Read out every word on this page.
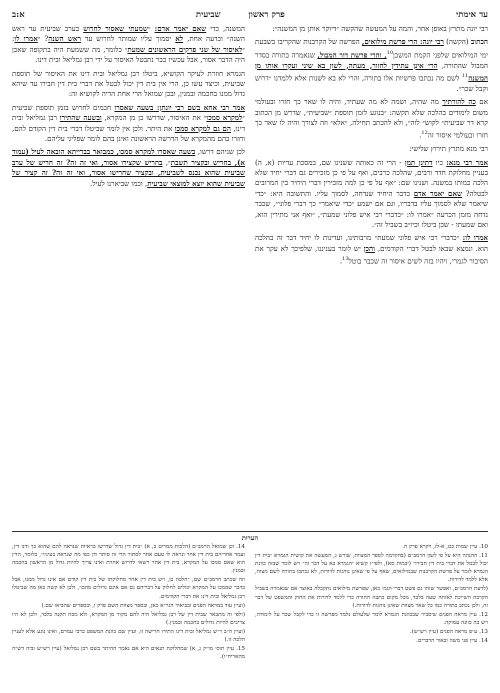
עד אימתי
פרק ראשון
שביעית
א:ב

רבי יונה מתרץ באופן אחר, והמה על המעשה שהקשה ״דיוקר אותן מן המשנה״:

הכתוב (הקשה) רבי יונה: הרי פרשת מילואים, הפרשה של הקרבנות שהקריבו בשבעת ימי המילואים שלפני הקמת המשכן$^{10}$, והרי פרשת דור המבול, שנאמרה בתורה בסדר המבול שהתורה, הרי אינן עתידין לחזור, מעתה, לשון בא שיני ועקרו אותו מן המשנה$^{11}$ לשם מה נכתבו פרשיות אלו בתורה, והרי לא בא לשנות אלא ללמדנו ״דרוש וקבל שכר״.

אם כה להורתיך מה שהיה, ושמה לא מה שעתיד, והיה לו שאר כך חזרו ובעולמי משום לימודים בהלכה שלא תקשה: ״בנוגע לזמן תוספת ״שביעית״, שדרש מן הכתוב קרא דר שביעית״ לקוש״ לוה״, ולא להכתב תחילה, ״אלא״ וזה לצורך והיה לו שאר כך חזרו ובעולמי איסור זה$^{12}$.

רבי מנא מתרץ תירוץ שלישי:

אמר רבי מנא: כיו דתינן תמן - הרי זה כאותה ששנינו שם, במסכת עדיות (א, ה) בעניין מחלוקת חדד ורבים, שהלכה כרבים, ואף על פי כן מזכירים גם דברי יחיד שלא הלכה כמותו במשנה. ושנינו שם: ״אף על פי כן למה מזכירין דברי היחיד בין המרובים לבטלה? שאם יאמר אדם כדבר היחיד שנדחה, לסמוך עליו. והתשובה היא: ״כדי שיאמר שלא לסמוך עליו בדבריו, וגם אם ישמע ״כדי שיאמר״ כך דברי פלוני״, שכבר נדחה מזמן הכרעה ״אמרו לו: ״כדברי רבי איש פלוני שמעת״, ״ואף אני מתירין הוא, ואם שמעתו - שכן ביטלו וכיו״ב בשביל זה״.

אמרו לו: ״כדברי רבי איש פלוני שמעת״ מרבותינו, ועדינות לו יחיד דבר זה בהלכה הוא. ונמצא שבאו לבטל דברי הקודמים, והכן יש לומר בעניננו, שלפיכך לא עקר את הסיבור לגמרי, ויהיו בזה לשים איסור זה שכבר בוטל$^{13}$.

המשנה, כדי שאם יאמר אדם: ״שמעתי שאסור לחרוש בערב שביעית עד ראש השנה״ וכדעה אחת, לא יסמוך עליו שמותר לחרוש עד ראש השנה? ״אמרו לו: ״לאיסור של שני פרקים הראשונים שמעת״ כלומר, מה ששמעת היה בתקופה שאכן היה הדבר אסור, אבל עכשיו כבר נתבטל האיסור על ידי רבן גמליאל ובית דינו.

הגמרא חוזרת לעיקר הקושיא, ביטלו רבן גמליאל ובית דינו את האיסור של תוספת שביעית, וכיצד עשו כן, הרי אין בית דין יכול לבטל את דברי בית דין חבירו עד שיהא גדול ממנו בחכמה ובמנין, ובכן שמואל הרי אחת הדיה לקושיא זה:

אמר רבי אחא בשם רבי יונתן: בשעה שאסרו חכמים לחרוש בזמן תוספת שביעית ״למקרא סמכו״ את האיסור, שדרשו כן מן המקרא, ובשעה שהתירו רבן גמליאל ובית דינו, הם גם למקרא סמכו את היתר. ולכן אין לומר שביטלו דברי בית דין הקודם להם, וחזרו בהם מהמקרא של הדרשה הראשונה ואינן בהם לומר שפליגי עליהם.

לכן שניהם דרשו, בשעה שאסרו למקרא סמכו, כמבואר בברייתא הובאה לעיל (עמוד א), בחריש ובקציר תשבת״, בחריש שקצירו אסור, ואי זה זה? זה חריש של ערב שביעית שהוא נכנס לשביעית, ובקציר שחרישו אסור, ואי זה זה? זה קציר של שביעית שהוא יוצא למוצאי שביעית, וכמו שביארנו לעיל.

הערות

10. עיין שמות כט, א-לז, ויקרא פרק ח.

11. ההנהה היא על פי לשון הרמב״ם (בהקדמה לספר המצוות, שורש ג, המעשה את קושית הגמרא ״בית דין יכול לבטל את דברי בית דין חבירו״ (יבמות סא), ולפי״ז קשיא ״הגמרא בא על דבר זה״ ויש לומר שבזה כוונת הגמרא לומר על פרשת הקרבנות שבמילואים, שאף על פי שאינן נוהגות לדורות, לא נכתבו בתורה לשם מצוה, אלא ללמד לדורות.

(לדעת הרמב״ם, ואפשר שזהו גם פשט דברי הגמ׳ כאן, שפרשת מילואים נתקבלה באוצר אם שנאמרה בשביל הקרבה השייכת לאותה שעה בלבד, מכל מקום כתבה התורה כדי ללמד לדורות את החוק והמשפט של דבר זה, ולכן נכתב בתורה כמו כל שאר מצוות שאינן נוהגות לדורות.)

12. עיין מראה הפנים שיסביר שבכוונת הגמרא לומר שלעולם נלמד מפרשה זו כדי לקבל שכר על לימודה, ויש בה כוונה עמוקה.

13. ע״פ מראה הפנים (עיין רש״ש).

14. עיין פני משה ובאור הדברים.

14. וכן שמואל הרמב״ם (הלכות ממרים ב, א) ״בית דין גדול שדרשו בראיות שנראה להם שהוא כך ודנו דין, ועמד אחריהם בית דין אחר ונראה לו טעם אחר לסתור הרי זה סותר ודן כפי מה שנראה בעיניו״, כלומר, הדין הוא שאם סמכו על המקרא, בית דין אחר רשאי לדרוש אחרת ואינו צריך להיות גדול מן הראשון בחכמה ובמנין.

וזה שכתב הרמב״ם שם, ״הלכה כן, ויש בית דין אחר מחלוקתו של בית דין קודם אם אינו גדול ממנו, אבל בדבר שסמכו על המקרא יכולים לחלוק על דבריהם גם אם אינם גדולים מהם״, ולכן לא קשה כאן מה שביטלו רבן גמליאל ובית דינו את דברי הקודמים.

(ועיין עוד במראה הפנים ובביאור הגר״א כאן, ובספר מצוות השם פרק ו, ובספרים שהביאו שם.)

(ולפי זה מתבאר שבית דין של רבן גמליאל היה להם מקור מן המקרא, ולא מכח תקנה בלבד, ולכן לא היו צריכים להיות גדולים בחכמה ובמנין.)

(ועיין ה״ב ר״ש גמליאל ובית דינו התירו חרישה זו, ועיין שם כוונת המשפט ברבי עמרם, ואינו נוגע אלא לעניין הלכה זו.)

15. עיין תוס׳ מו״ק ג, א) שמחלוקת תנאים היא אם נאמר ההיתר בשם רבן גמליאל (עיין רש״ש וביה דש״ה מהאריח״ו).
